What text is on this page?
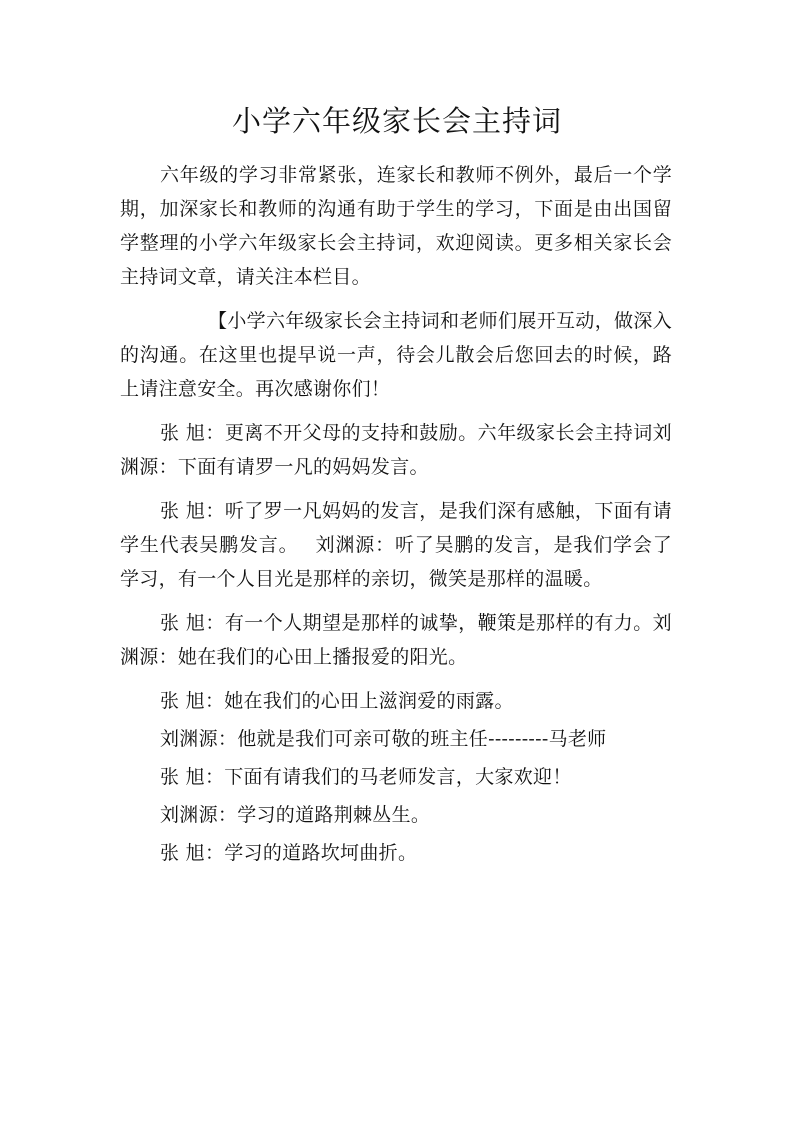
小学六年级家长会主持词

六年级的学习非常紧张，连家长和教师不例外，最后一个学期，加深家长和教师的沟通有助于学生的学习，下面是由出国留学整理的小学六年级家长会主持词，欢迎阅读。更多相关家长会主持词文章，请关注本栏目。

【小学六年级家长会主持词和老师们展开互动，做深入的沟通。在这里也提早说一声，待会儿散会后您回去的时候，路上请注意安全。再次感谢你们！

张 旭：更离不开父母的支持和鼓励。六年级家长会主持词刘渊源：下面有请罗一凡的妈妈发言。

张 旭：听了罗一凡妈妈的发言，是我们深有感触，下面有请学生代表吴鹏发言。　 刘渊源：听了吴鹏的发言，是我们学会了学习，有一个人目光是那样的亲切，微笑是那样的温暖。

张 旭：有一个人期望是那样的诚挚，鞭策是那样的有力。刘渊源：她在我们的心田上播报爱的阳光。

张 旭：她在我们的心田上滋润爱的雨露。

刘渊源：他就是我们可亲可敬的班主任---------马老师

张 旭：下面有请我们的马老师发言，大家欢迎！

刘渊源：学习的道路荆棘丛生。

张 旭：学习的道路坎坷曲折。
